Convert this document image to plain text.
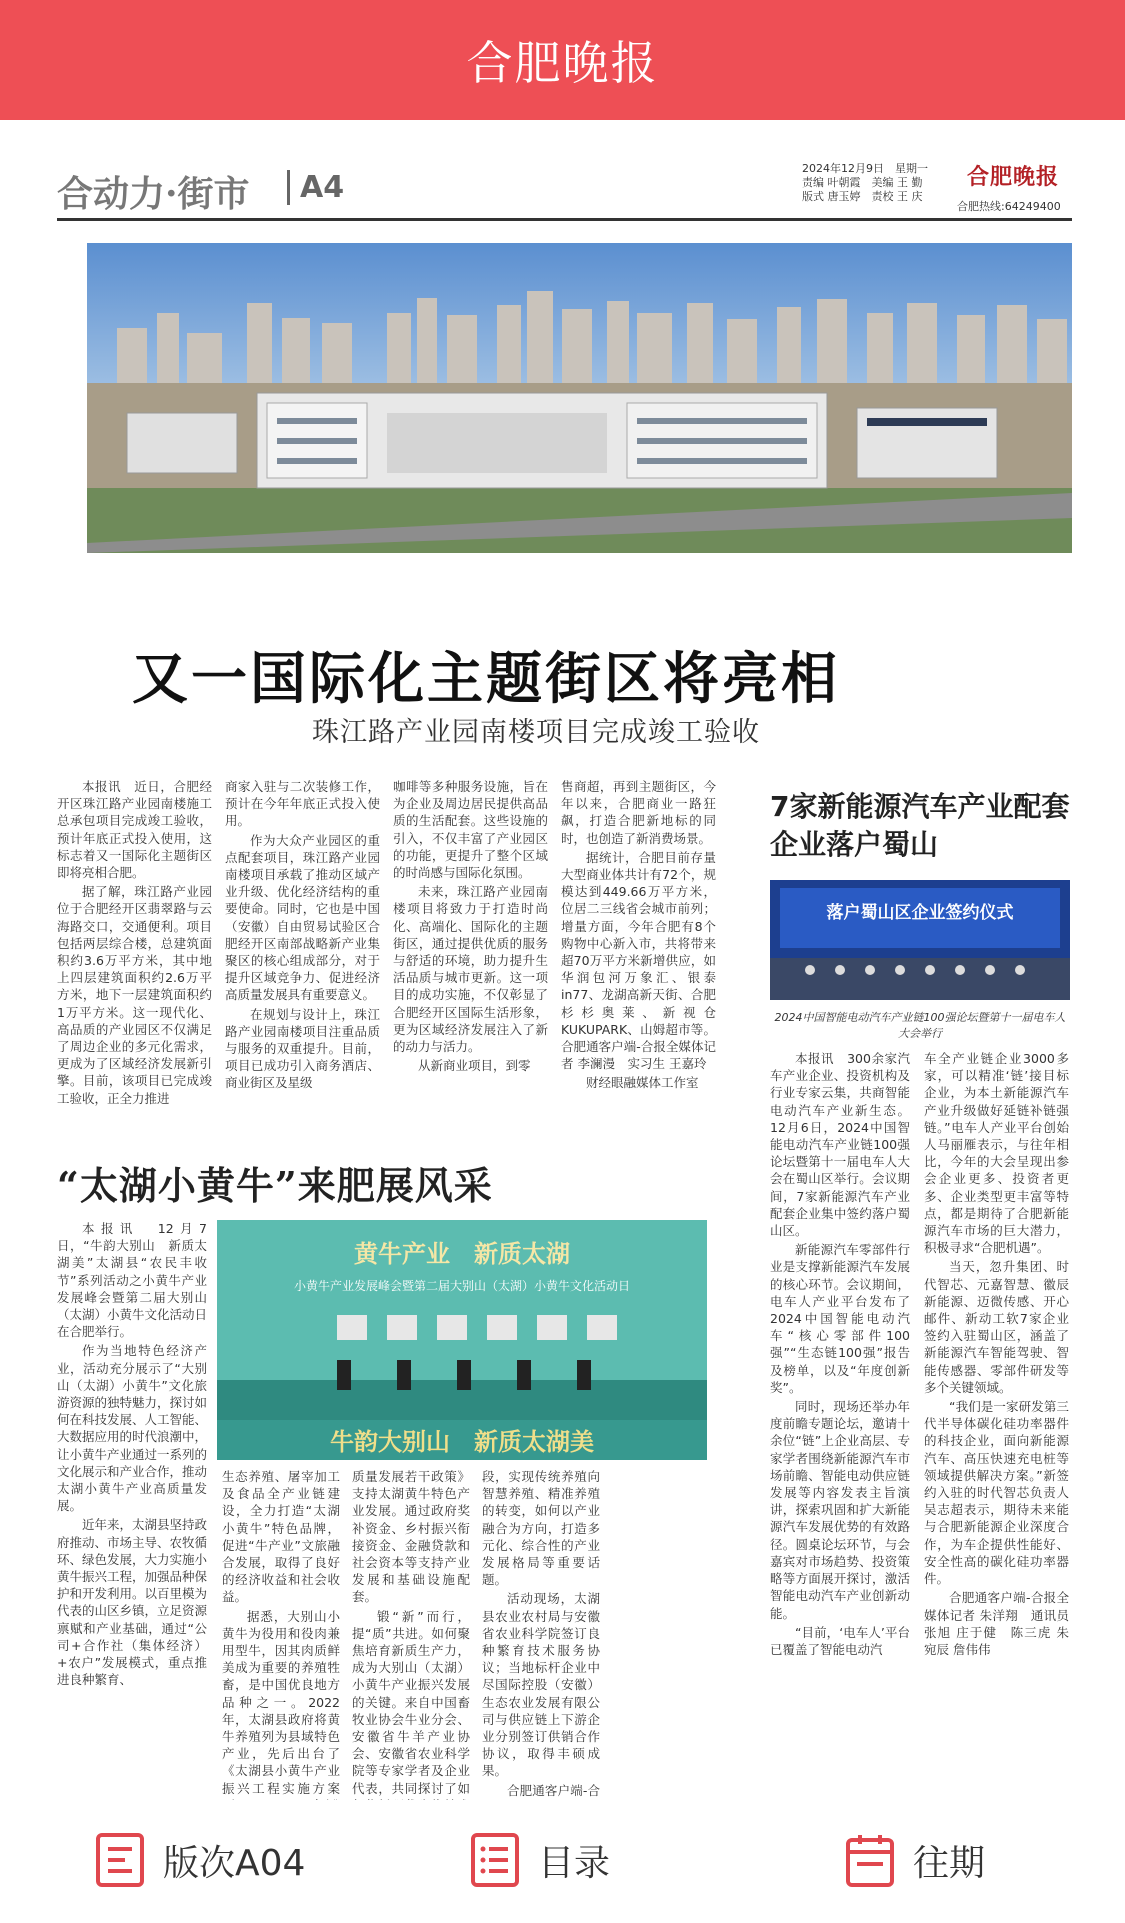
合肥晚报
合动力·街市	A4
2024年12月9日　星期一
责编 叶朝霞　美编 王 勤
版式 唐玉婷　责校 王 庆
合肥晚报
合肥热线:64249400
又一国际化主题街区将亮相
珠江路产业园南楼项目完成竣工验收

本报讯　近日，合肥经开区珠江路产业园南楼施工总承包项目完成竣工验收，预计年底正式投入使用，这标志着又一国际化主题街区即将亮相合肥。

据了解，珠江路产业园位于合肥经开区翡翠路与云海路交口，交通便利。项目包括两层综合楼，总建筑面积约3.6万平方米，其中地上四层建筑面积约2.6万平方米，地下一层建筑面积约1万平方米。这一现代化、高品质的产业园区不仅满足了周边企业的多元化需求，更成为了区域经济发展新引擎。目前，该项目已完成竣工验收，正全力推进

商家入驻与二次装修工作，预计在今年年底正式投入使用。

作为大众产业园区的重点配套项目，珠江路产业园南楼项目承载了推动区域产业升级、优化经济结构的重要使命。同时，它也是中国（安徽）自由贸易试验区合肥经开区南部战略新产业集聚区的核心组成部分，对于提升区域竞争力、促进经济高质量发展具有重要意义。

在规划与设计上，珠江路产业园南楼项目注重品质与服务的双重提升。目前，项目已成功引入商务酒店、商业街区及星级

咖啡等多种服务设施，旨在为企业及周边居民提供高品质的生活配套。这些设施的引入，不仅丰富了产业园区的功能，更提升了整个区域的时尚感与国际化氛围。

未来，珠江路产业园南楼项目将致力于打造时尚化、高端化、国际化的主题街区，通过提供优质的服务与舒适的环境，助力提升生活品质与城市更新。这一项目的成功实施，不仅彰显了合肥经开区国际生活形象，更为区域经济发展注入了新的动力与活力。

从新商业项目，到零

售商超，再到主题街区，今年以来，合肥商业一路狂飙，打造合肥新地标的同时，也创造了新消费场景。

据统计，合肥目前存量大型商业体共计有72个，规模达到449.66万平方米，位居二三线省会城市前列；增量方面，今年合肥有8个购物中心新入市，共将带来超70万平方米新增供应，如华润包河万象汇、银泰in77、龙湖高新天街、合肥杉杉奥莱、新视仓KUKUPARK、山姆超市等。合肥通客户端-合报全媒体记者 李澜漫　实习生 王嘉玲

财经眼融媒体工作室

7家新能源汽车产业配套企业落户蜀山
落户蜀山区企业签约仪式
2024中国智能电动汽车产业链100强论坛暨第十一届电车人大会举行

本报讯　300余家汽车产业企业、投资机构及行业专家云集，共商智能电动汽车产业新生态。12月6日，2024中国智能电动汽车产业链100强论坛暨第十一届电车人大会在蜀山区举行。会议期间，7家新能源汽车产业配套企业集中签约落户蜀山区。

新能源汽车零部件行业是支撑新能源汽车发展的核心环节。会议期间，电车人产业平台发布了2024中国智能电动汽车“核心零部件100强”“生态链100强”报告及榜单，以及“年度创新奖”。

同时，现场还举办年度前瞻专题论坛，邀请十余位“链”上企业高层、专家学者围绕新能源汽车市场前瞻、智能电动供应链发展等内容发表主旨演讲，探索巩固和扩大新能源汽车发展优势的有效路径。圆桌论坛环节，与会嘉宾对市场趋势、投资策略等方面展开探讨，激活智能电动汽车产业创新动能。

“目前，‘电车人’平台已覆盖了智能电动汽

车全产业链企业3000多家，可以精准‘链’接目标企业，为本土新能源汽车产业升级做好延链补链强链。”电车人产业平台创始人马丽雁表示，与往年相比，今年的大会呈现出参会企业更多、投资者更多、企业类型更丰富等特点，都是期待了合肥新能源汽车市场的巨大潜力，积极寻求“合肥机遇”。

当天，忽升集团、时代智芯、元嘉智慧、徽辰新能源、迈微传感、开心邮件、新动工软7家企业签约入驻蜀山区，涵盖了新能源汽车智能驾驶、智能传感器、零部件研发等多个关键领域。

“我们是一家研发第三代半导体碳化硅功率器件的科技企业，面向新能源汽车、高压快速充电桩等领域提供解决方案。”新签约入驻的时代智芯负责人吴志超表示，期待未来能与合肥新能源企业深度合作，为车企提供性能好、安全性高的碳化硅功率器件。

合肥通客户端-合报全媒体记者 朱洋翔　通讯员 张旭 庄于健　陈三虎 朱宛辰 詹伟伟

“太湖小黄牛”来肥展风采

本报讯　12月7日，“牛韵大别山　新质太湖美”太湖县“农民丰收节”系列活动之小黄牛产业发展峰会暨第二届大别山（太湖）小黄牛文化活动日在合肥举行。

作为当地特色经济产业，活动充分展示了“大别山（太湖）小黄牛”文化旅游资源的独特魅力，探讨如何在科技发展、人工智能、大数据应用的时代浪潮中，让小黄牛产业通过一系列的文化展示和产业合作，推动太湖小黄牛产业高质量发展。

近年来，太湖县坚持政府推动、市场主导、农牧循环、绿色发展，大力实施小黄牛振兴工程，加强品种保护和开发利用。以百里模为代表的山区乡镇，立足资源禀赋和产业基础，通过“公司+合作社（集体经济）+农户”发展模式，重点推进良种繁育、

黄牛产业　新质太湖
小黄牛产业发展峰会暨第二届大别山（太湖）小黄牛文化活动日
牛韵大别山　新质太湖美

生态养殖、屠宰加工及食品全产业链建设，全力打造“太湖小黄牛”特色品牌，促进“牛产业”文旅融合发展，取得了良好的经济收益和社会收益。

据悉，大别山小黄牛为役用和役肉兼用型牛，因其肉质鲜美成为重要的养殖牲畜，是中国优良地方品种之一。2022年，太湖县政府将黄牛养殖列为县域特色产业，先后出台了《太湖县小黄牛产业振兴工程实施方案

质量发展若干政策》支持太湖黄牛特色产业发展。通过政府奖补资金、乡村振兴衔接资金、金融贷款和社会资本等支持产业发展和基础设施配套。

锻“新”而行，提“质”共进。如何聚焦培育新质生产力，成为大别山（太湖）小黄牛产业振兴发展的关键。来自中国畜牧业协会牛业分会、安徽省牛羊产业协会、安徽省农业科学院等专家学者及企业代表，共同探讨了如

段，实现传统养殖向智慧养殖、精准养殖的转变，如何以产业融合为方向，打造多元化、综合性的产业发展格局等重要话题。

活动现场，太湖县农业农村局与安徽省农业科学院签订良种繁育技术服务协议；当地标杆企业中尽国际控股（安徽）生态农业发展有限公司与供应链上下游企业分别签订供销合作协议，取得丰硕成果。

合肥通客户端-合

版次A04	目录	往期
